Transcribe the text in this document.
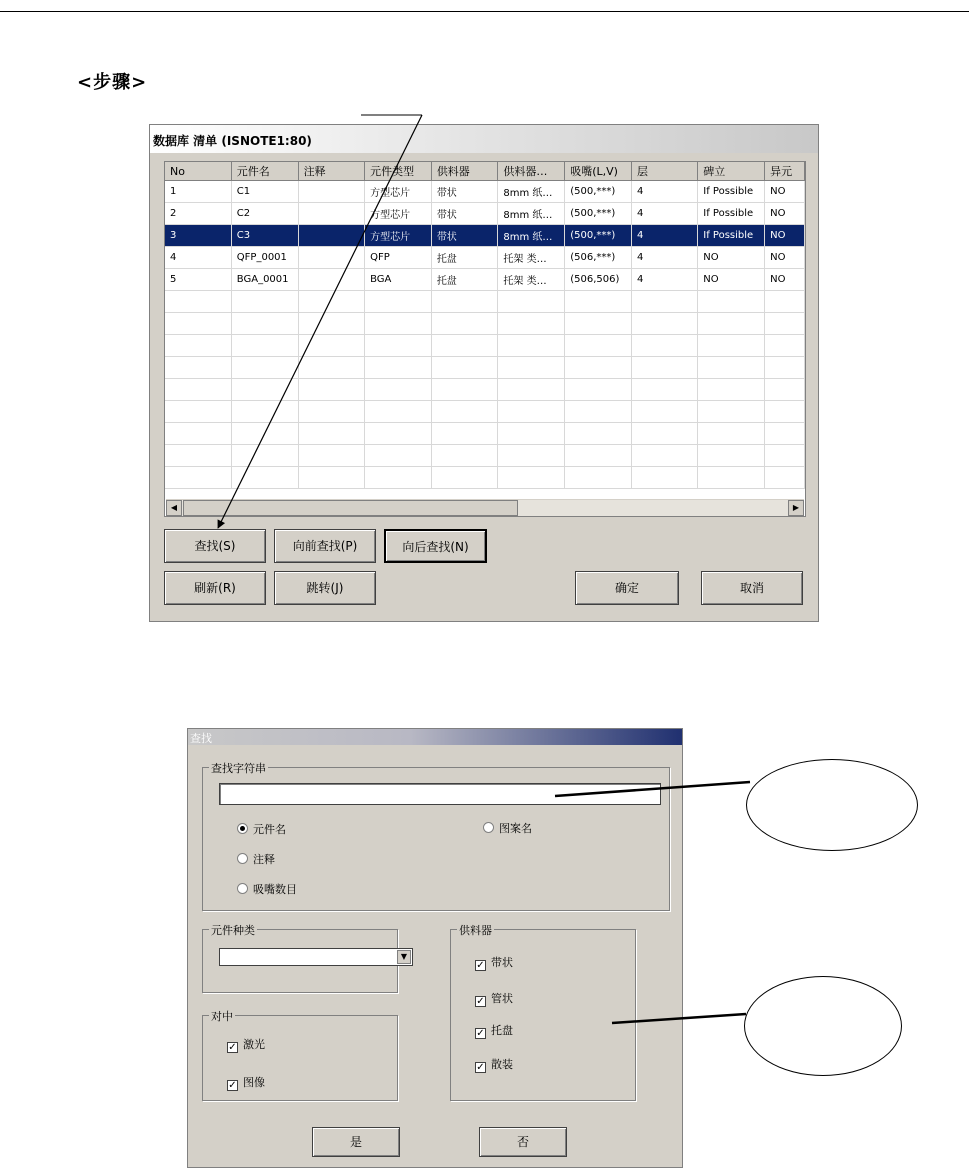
<步骤>
数据库 清单 (ISNOTE1:80)
No	元件名	注释	元件类型	供料器	供料器…	吸嘴(L,V)	层	碑立	异元
1	C1		方型芯片	带状	8mm 纸…	(500,***)	4	If Possible	NO
2	C2		方型芯片	带状	8mm 纸…	(500,***)	4	If Possible	NO
3	C3		方型芯片	带状	8mm 纸…	(500,***)	4	If Possible	NO
4	QFP_0001		QFP	托盘	托架 类…	(506,***)	4	NO	NO
5	BGA_0001		BGA	托盘	托架 类…	(506,506)	4	NO	NO

◀	▶
查找(S)	向前查找(P)	向后查找(N)
刷新(R)	跳转(J)	确定	取消
查找
查找字符串
元件名
注释
吸嘴数目
图案名
元件种类
▼
对中
✓ 激光
✓ 图像
供料器
✓ 带状
✓ 管状
✓ 托盘
✓ 散装
是	否
